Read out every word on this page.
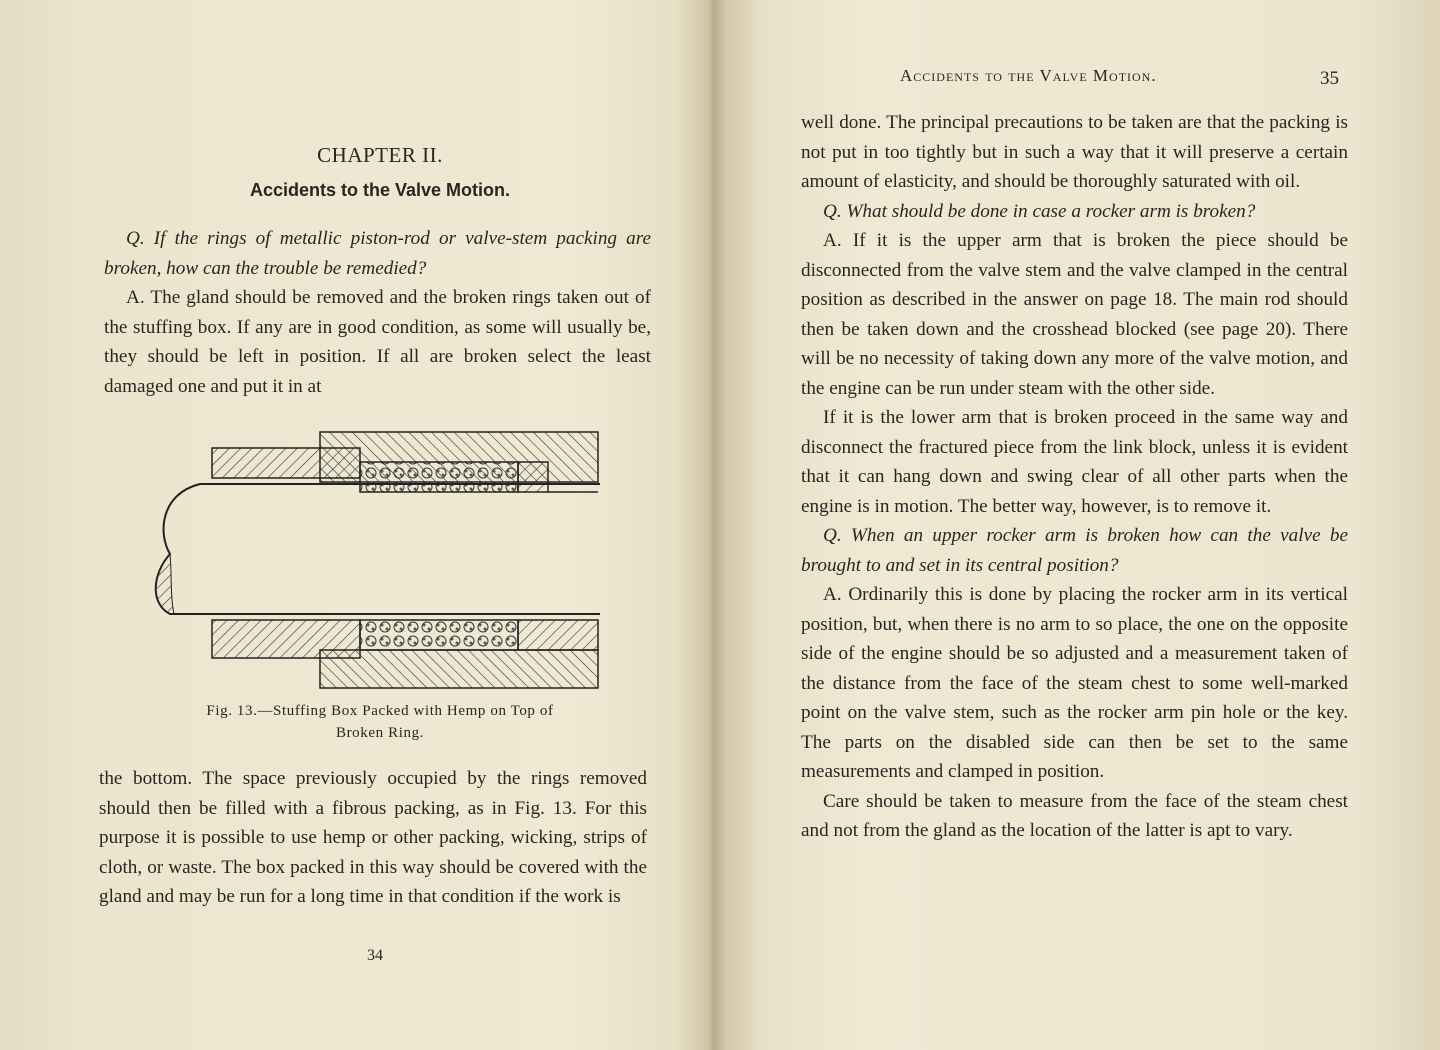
CHAPTER II.
Accidents to the Valve Motion.

Q. If the rings of metallic piston-rod or valve-stem packing are broken, how can the trouble be remedied?

A. The gland should be removed and the broken rings taken out of the stuffing box. If any are in good condition, as some will usually be, they should be left in position. If all are broken select the least damaged one and put it in at

Fig. 13.—Stuffing Box Packed with Hemp on Top of
Broken Ring.

the bottom. The space previously occupied by the rings removed should then be filled with a fibrous packing, as in Fig. 13. For this purpose it is possible to use hemp or other packing, wicking, strips of cloth, or waste. The box packed in this way should be covered with the gland and may be run for a long time in that condition if the work is

34
Accidents to the Valve Motion.	35

well done. The principal precautions to be taken are that the packing is not put in too tightly but in such a way that it will preserve a certain amount of elasticity, and should be thoroughly saturated with oil.

Q. What should be done in case a rocker arm is broken?

A. If it is the upper arm that is broken the piece should be disconnected from the valve stem and the valve clamped in the central position as described in the answer on page 18. The main rod should then be taken down and the crosshead blocked (see page 20). There will be no necessity of taking down any more of the valve motion, and the engine can be run under steam with the other side.

If it is the lower arm that is broken proceed in the same way and disconnect the fractured piece from the link block, unless it is evident that it can hang down and swing clear of all other parts when the engine is in motion. The better way, however, is to remove it.

Q. When an upper rocker arm is broken how can the valve be brought to and set in its central position?

A. Ordinarily this is done by placing the rocker arm in its vertical position, but, when there is no arm to so place, the one on the opposite side of the engine should be so adjusted and a measurement taken of the distance from the face of the steam chest to some well-marked point on the valve stem, such as the rocker arm pin hole or the key. The parts on the disabled side can then be set to the same measurements and clamped in position.

Care should be taken to measure from the face of the steam chest and not from the gland as the location of the latter is apt to vary.
